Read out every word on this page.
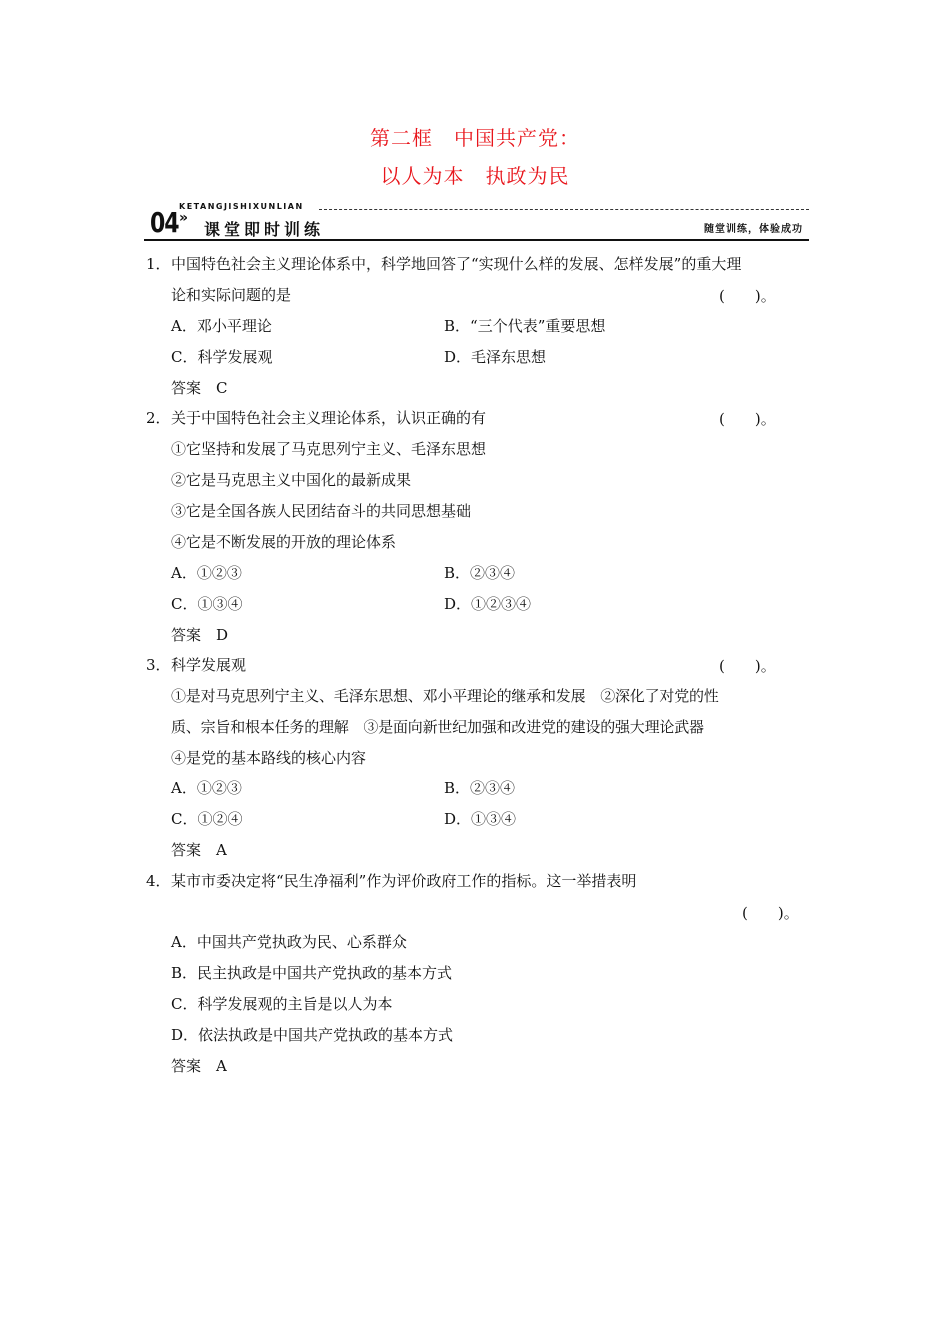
第二框　中国共产党：
以人为本　执政为民
04
KETANGJISHIXUNLIAN
»
课堂即时训练	随堂训练，体验成功
1． 中国特色社会主义理论体系中，科学地回答了“实现什么样的发展、怎样发展”的重大理
论和实际问题的是	(　　)。
A．邓小平理论	B．“三个代表”重要思想
C．科学发展观	D．毛泽东思想
答案　C
2． 关于中国特色社会主义理论体系，认识正确的有	(　　)。
①它坚持和发展了马克思列宁主义、毛泽东思想
②它是马克思主义中国化的最新成果
③它是全国各族人民团结奋斗的共同思想基础
④它是不断发展的开放的理论体系
A．①②③	B．②③④
C．①③④	D．①②③④
答案　D
3． 科学发展观	(　　)。
①是对马克思列宁主义、毛泽东思想、邓小平理论的继承和发展　②深化了对党的性
质、宗旨和根本任务的理解　③是面向新世纪加强和改进党的建设的强大理论武器
④是党的基本路线的核心内容
A．①②③	B．②③④
C．①②④	D．①③④
答案　A
4． 某市市委决定将“民生净福利”作为评价政府工作的指标。这一举措表明
(　　)。
A．中国共产党执政为民、心系群众
B．民主执政是中国共产党执政的基本方式
C．科学发展观的主旨是以人为本
D．依法执政是中国共产党执政的基本方式
答案　A
